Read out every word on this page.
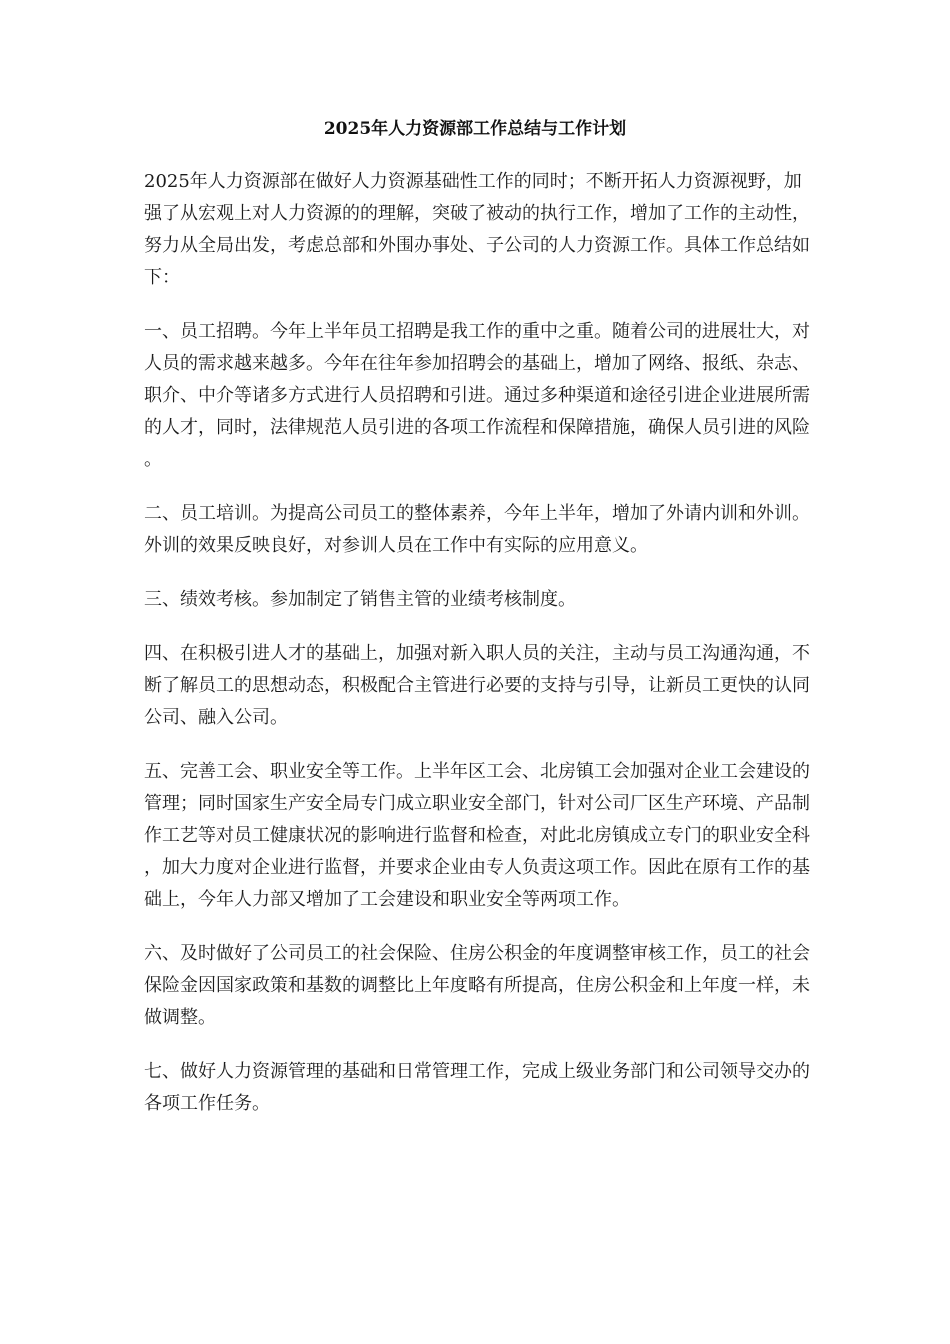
2025年人力资源部工作总结与工作计划

2025年人力资源部在做好人力资源基础性工作的同时；不断开拓人力资源视野，加强了从宏观上对人力资源的的理解，突破了被动的执行工作，增加了工作的主动性，努力从全局出发，考虑总部和外围办事处、子公司的人力资源工作。具体工作总结如下：

一、员工招聘。今年上半年员工招聘是我工作的重中之重。随着公司的进展壮大，对人员的需求越来越多。今年在往年参加招聘会的基础上，增加了网络、报纸、杂志、职介、中介等诸多方式进行人员招聘和引进。通过多种渠道和途径引进企业进展所需的人才，同时，法律规范人员引进的各项工作流程和保障措施，确保人员引进的风险。

二、员工培训。为提高公司员工的整体素养，今年上半年，增加了外请内训和外训。外训的效果反映良好，对参训人员在工作中有实际的应用意义。

三、绩效考核。参加制定了销售主管的业绩考核制度。

四、在积极引进人才的基础上，加强对新入职人员的关注，主动与员工沟通沟通，不断了解员工的思想动态，积极配合主管进行必要的支持与引导，让新员工更快的认同公司、融入公司。

五、完善工会、职业安全等工作。上半年区工会、北房镇工会加强对企业工会建设的管理；同时国家生产安全局专门成立职业安全部门，针对公司厂区生产环境、产品制作工艺等对员工健康状况的影响进行监督和检查，对此北房镇成立专门的职业安全科，加大力度对企业进行监督，并要求企业由专人负责这项工作。因此在原有工作的基础上，今年人力部又增加了工会建设和职业安全等两项工作。

六、及时做好了公司员工的社会保险、住房公积金的年度调整审核工作，员工的社会保险金因国家政策和基数的调整比上年度略有所提高，住房公积金和上年度一样，未做调整。

七、做好人力资源管理的基础和日常管理工作，完成上级业务部门和公司领导交办的各项工作任务。
